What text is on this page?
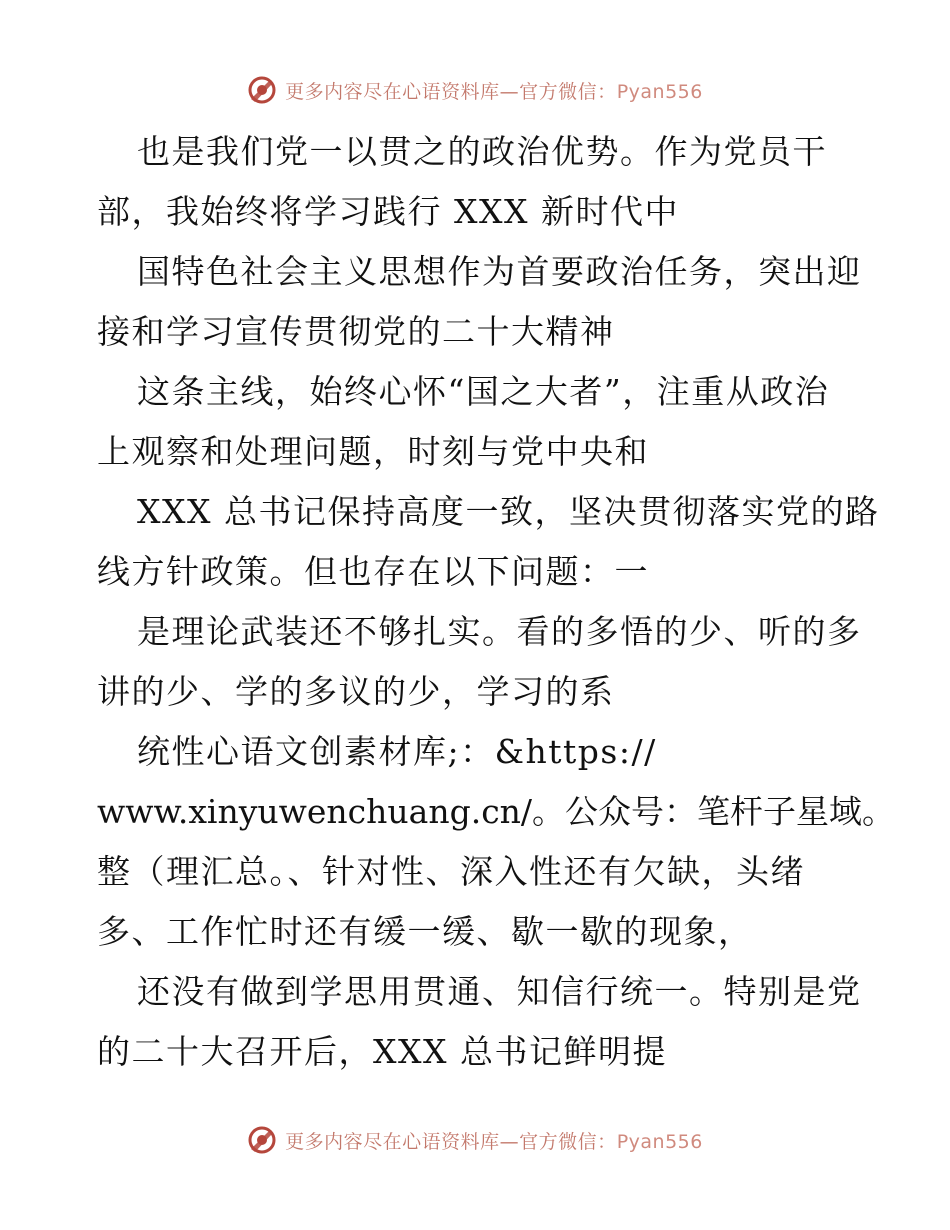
更多内容尽在心语资料库—官方微信：Pyan556
也是我们党一以贯之的政治优势。作为党员干
部，我始终将学习践行 XXX 新时代中
国特色社会主义思想作为首要政治任务，突出迎
接和学习宣传贯彻党的二十大精神
这条主线，始终心怀“国之大者”，注重从政治
上观察和处理问题，时刻与党中央和
XXX 总书记保持高度一致，坚决贯彻落实党的路
线方针政策。但也存在以下问题：一
是理论武装还不够扎实。看的多悟的少、听的多
讲的少、学的多议的少，学习的系
统性心语文创素材库;：&https://
www.xinyuwenchuang.cn/。公众号：笔杆子星域。
整（理汇总。、针对性、深入性还有欠缺，头绪
多、工作忙时还有缓一缓、歇一歇的现象，
还没有做到学思用贯通、知信行统一。特别是党
的二十大召开后，XXX 总书记鲜明提
更多内容尽在心语资料库—官方微信：Pyan556
